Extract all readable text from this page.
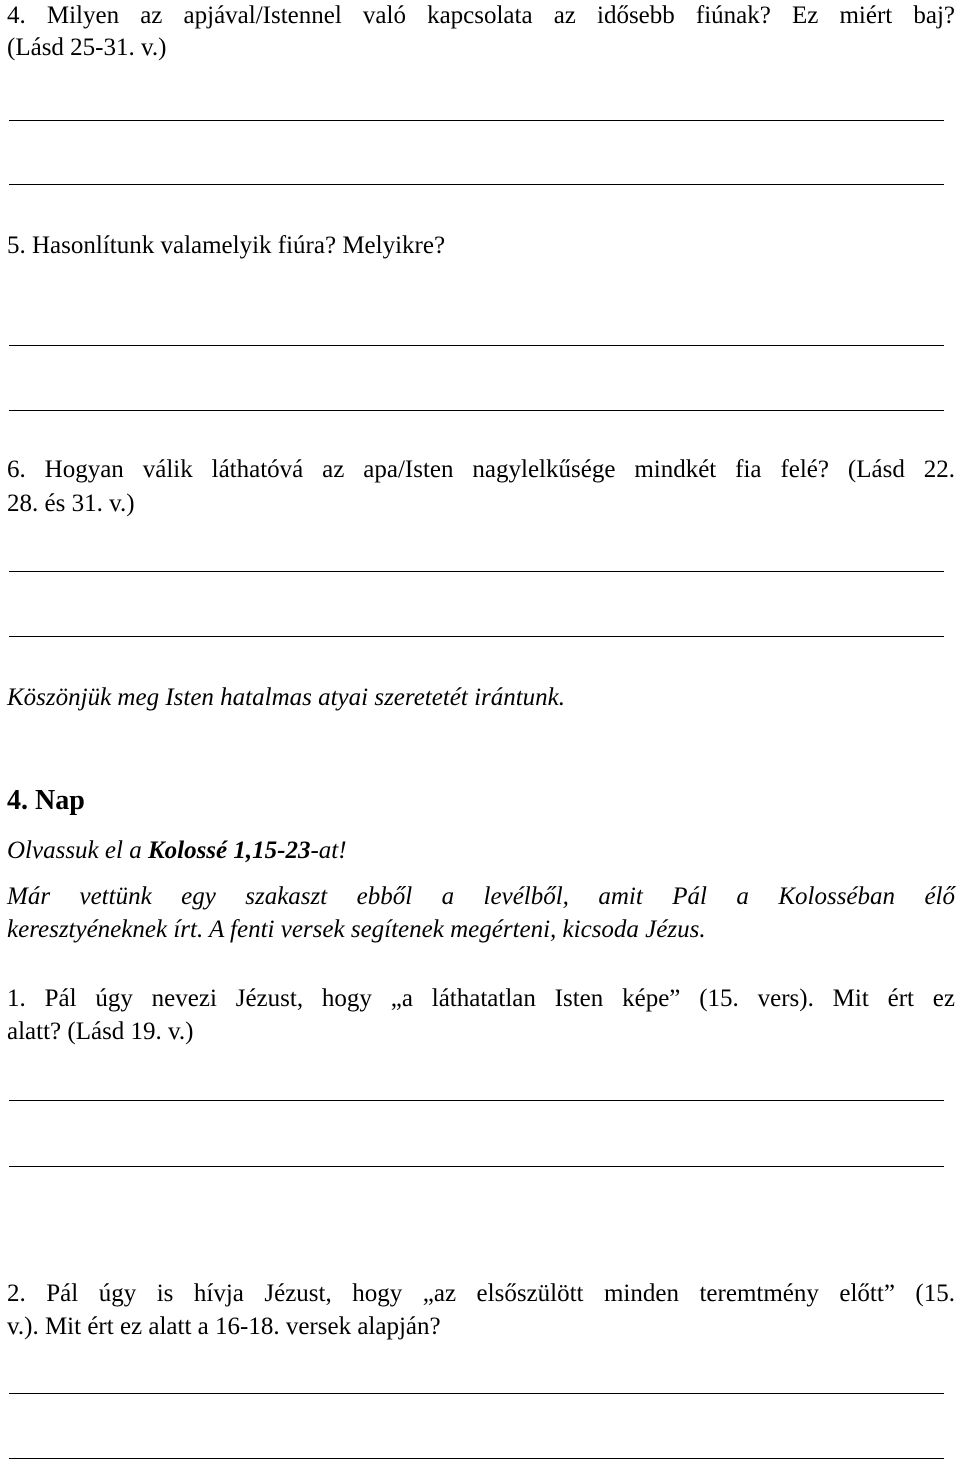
4. Milyen az apjával/Istennel való kapcsolata az idősebb fiúnak? Ez miért baj?
(Lásd 25-31. v.)
5. Hasonlítunk valamelyik fiúra? Melyikre?
6. Hogyan válik láthatóvá az apa/Isten nagylelkűsége mindkét fia felé? (Lásd 22.
28. és 31. v.)
Köszönjük meg Isten hatalmas atyai szeretetét irántunk.
4. Nap
Olvassuk el a Kolossé 1,15-23-at!
Már vettünk egy szakaszt ebből a levélből, amit Pál a Kolosséban élő
keresztyéneknek írt. A fenti versek segítenek megérteni, kicsoda Jézus.
1. Pál úgy nevezi Jézust, hogy „a láthatatlan Isten képe” (15. vers). Mit ért ez
alatt? (Lásd 19. v.)
2. Pál úgy is hívja Jézust, hogy „az elsőszülött minden teremtmény előtt” (15.
v.). Mit ért ez alatt a 16-18. versek alapján?
